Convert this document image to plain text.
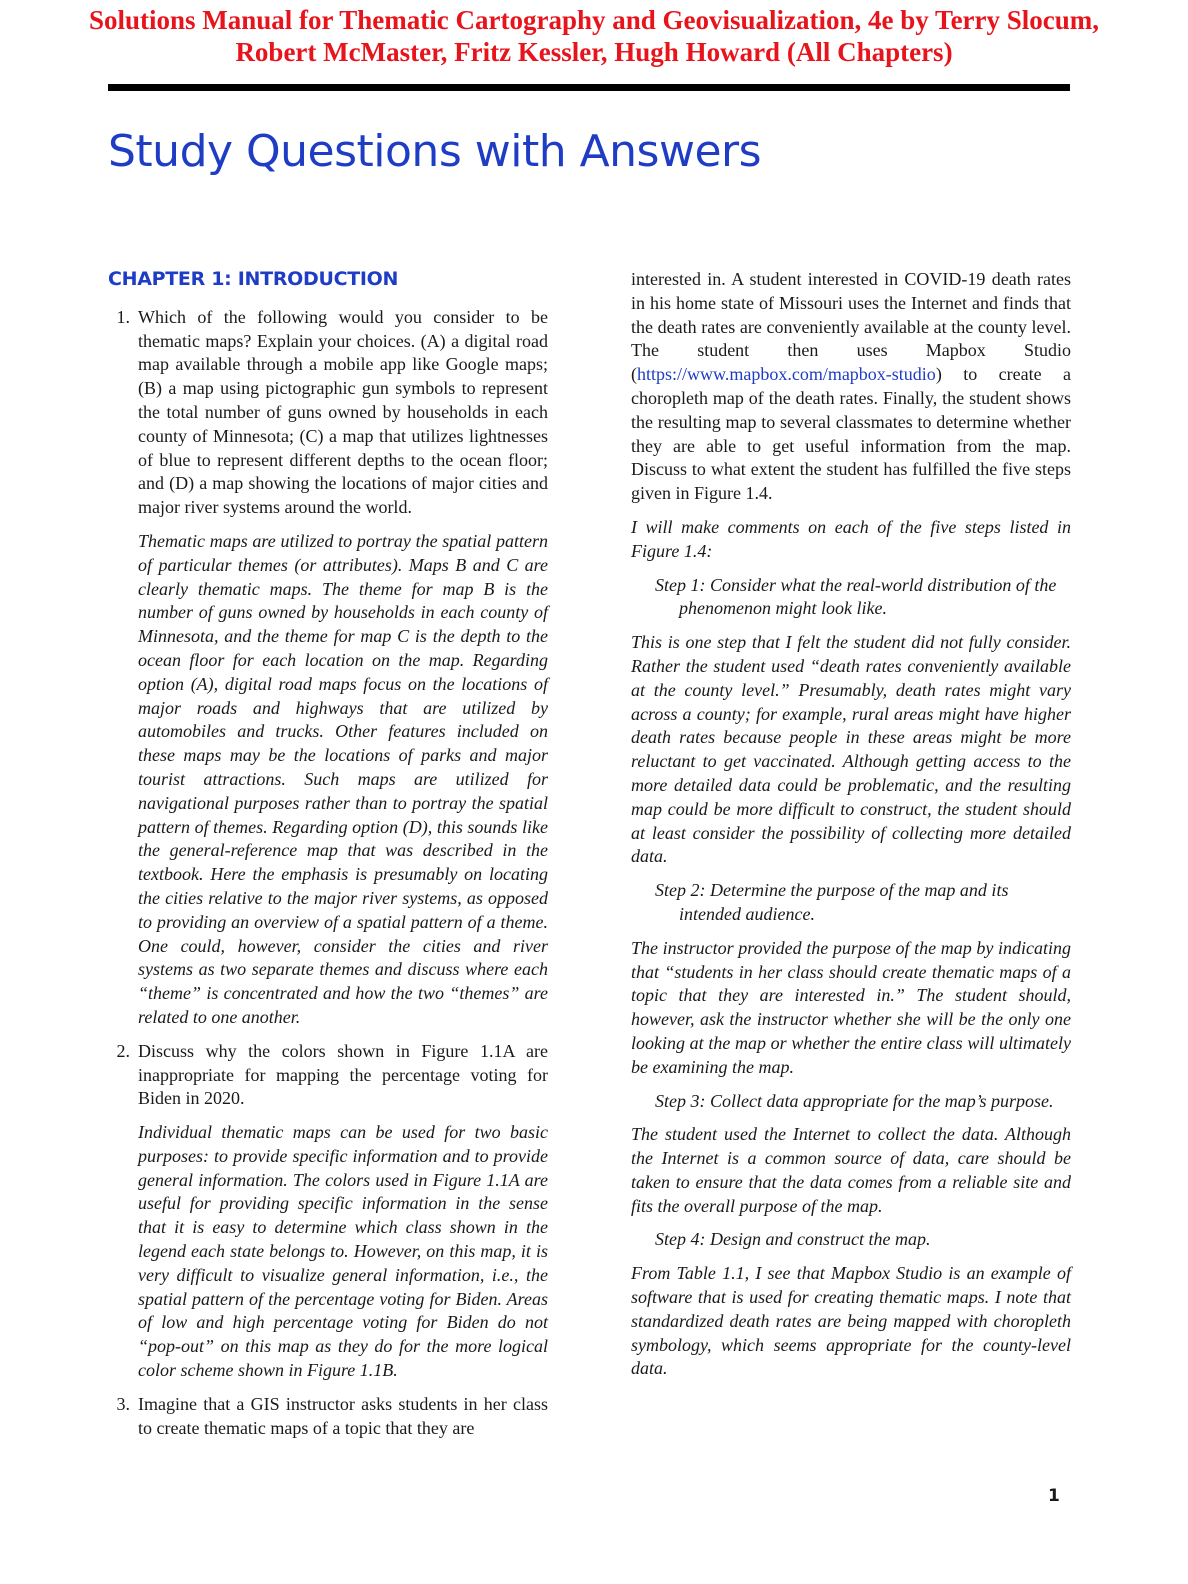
Solutions Manual for Thematic Cartography and Geovisualization, 4e by Terry Slocum,
Robert McMaster, Fritz Kessler, Hugh Howard (All Chapters)
Study Questions with Answers
CHAPTER 1: INTRODUCTION
1. Which of the following would you consider to be thematic maps? Explain your choices. (A) a digital road map available through a mobile app like Google maps; (B) a map using pictographic gun symbols to represent the total number of guns owned by households in each county of Minnesota; (C) a map that utilizes lightnesses of blue to represent different depths to the ocean floor; and (D) a map showing the locations of major cities and major river systems around the world.

Thematic maps are utilized to portray the spatial pattern of particular themes (or attributes). Maps B and C are clearly thematic maps. The theme for map B is the number of guns owned by households in each county of Minnesota, and the theme for map C is the depth to the ocean floor for each location on the map. Regarding option (A), digital road maps focus on the locations of major roads and highways that are utilized by automobiles and trucks. Other features included on these maps may be the locations of parks and major tourist attractions. Such maps are utilized for navigational purposes rather than to portray the spatial pattern of themes. Regarding option (D), this sounds like the general-reference map that was described in the textbook. Here the emphasis is presumably on locating the cities relative to the major river systems, as opposed to providing an overview of a spatial pattern of a theme. One could, however, consider the cities and river systems as two separate themes and discuss where each “theme” is concentrated and how the two “themes” are related to one another.

2. Discuss why the colors shown in Figure 1.1A are inappropriate for mapping the percentage voting for Biden in 2020.

Individual thematic maps can be used for two basic purposes: to provide specific information and to provide general information. The colors used in Figure 1.1A are useful for providing specific information in the sense that it is easy to determine which class shown in the legend each state belongs to. However, on this map, it is very difficult to visualize general information, i.e., the spatial pattern of the percentage voting for Biden. Areas of low and high percentage voting for Biden do not “pop-out” on this map as they do for the more logical color scheme shown in Figure 1.1B.

3. Imagine that a GIS instructor asks students in her class to create thematic maps of a topic that they are

interested in. A student interested in COVID-19 death rates in his home state of Missouri uses the Internet and finds that the death rates are conveniently available at the county level. The student then uses Mapbox Studio (https://www.mapbox.com/mapbox-studio) to create a choropleth map of the death rates. Finally, the student shows the resulting map to several classmates to determine whether they are able to get useful information from the map. Discuss to what extent the student has fulfilled the five steps given in Figure 1.4.

I will make comments on each of the five steps listed in Figure 1.4:

Step 1: Consider what the real-world distribution of the phenomenon might look like.

This is one step that I felt the student did not fully consider. Rather the student used “death rates conveniently available at the county level.” Presumably, death rates might vary across a county; for example, rural areas might have higher death rates because people in these areas might be more reluctant to get vaccinated. Although getting access to the more detailed data could be problematic, and the resulting map could be more difficult to construct, the student should at least consider the possibility of collecting more detailed data.

Step 2: Determine the purpose of the map and its intended audience.

The instructor provided the purpose of the map by indicating that “students in her class should create thematic maps of a topic that they are interested in.” The student should, however, ask the instructor whether she will be the only one looking at the map or whether the entire class will ultimately be examining the map.

Step 3: Collect data appropriate for the map’s purpose.

The student used the Internet to collect the data. Although the Internet is a common source of data, care should be taken to ensure that the data comes from a reliable site and fits the overall purpose of the map.

Step 4: Design and construct the map.

From Table 1.1, I see that Mapbox Studio is an example of software that is used for creating thematic maps. I note that standardized death rates are being mapped with choropleth symbology, which seems appropriate for the county-level data.

1
